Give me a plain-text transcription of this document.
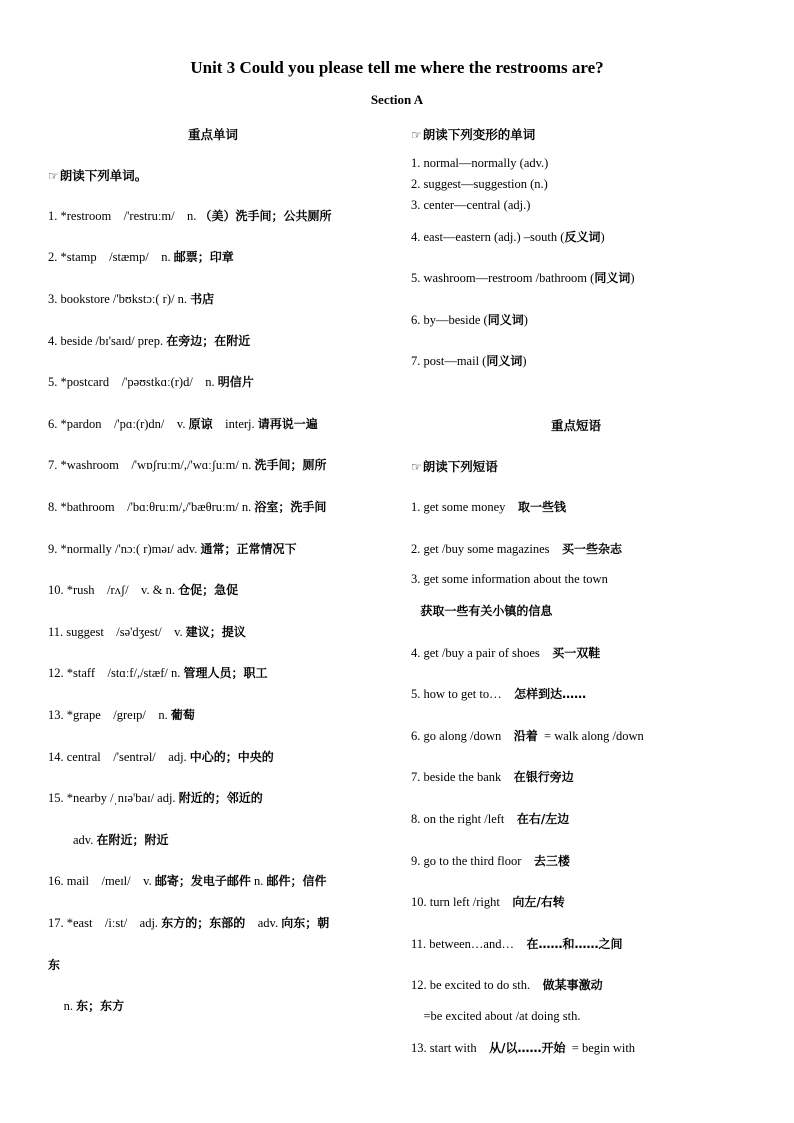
Unit 3 Could you please tell me where the restrooms are?
Section A
重点单词
☞朗读下列单词。
1. *restroom    /'restruːm/    n. （美）洗手间；公共厕所
2. *stamp    /stæmp/    n. 邮票；印章
3. bookstore /'bʊkstɔː( r)/ n. 书店
4. beside /bɪ'saɪd/ prep. 在旁边；在附近
5. *postcard    /'pəʊstkɑː(r)d/    n. 明信片
6. *pardon    /'pɑː(r)dn/    v. 原谅    interj. 请再说一遍
7. *washroom    /'wɒʃruːm/,/'wɑːʃuːm/ n. 洗手间；厕所
8. *bathroom    /'bɑːθruːm/,/'bæθruːm/ n. 浴室；洗手间
9. *normally /'nɔː( r)məɪ/ adv. 通常；正常情况下
10. *rush    /rʌʃ/    v. & n. 仓促；急促
11. suggest    /sə'dʒest/    v. 建议；提议
12. *staff    /stɑːf/,/stæf/ n. 管理人员；职工
13. *grape    /greɪp/    n. 葡萄
14. central    /'sentrəl/    adj. 中心的；中央的
15. *nearby /ˌnɪə'baɪ/ adj. 附近的；邻近的
adv. 在附近；附近
16. mail    /meɪl/    v. 邮寄；发电子邮件 n. 邮件；信件
17. *east    /iːst/    adj. 东方的；东部的    adv. 向东；朝
东
n. 东；东方
☞朗读下列变形的单词
1. normal—normally (adv.)
2. suggest—suggestion (n.)
3. center—central (adj.)
4. east—eastern (adj.) –south (反义词)
5. washroom—restroom /bathroom (同义词)
6. by—beside (同义词)
7. post—mail (同义词)
重点短语
☞朗读下列短语
1. get some money    取一些钱
2. get /buy some magazines    买一些杂志
3. get some information about the town
获取一些有关小镇的信息
4. get /buy a pair of shoes    买一双鞋
5. how to get to…    怎样到达……
6. go along /down    沿着  = walk along /down
7. beside the bank    在银行旁边
8. on the right /left    在右/左边
9. go to the third floor    去三楼
10. turn left /right    向左/右转
11. between…and…    在……和……之间
12. be excited to do sth.    做某事激动
=be excited about /at doing sth.
13. start with    从/以……开始  = begin with
